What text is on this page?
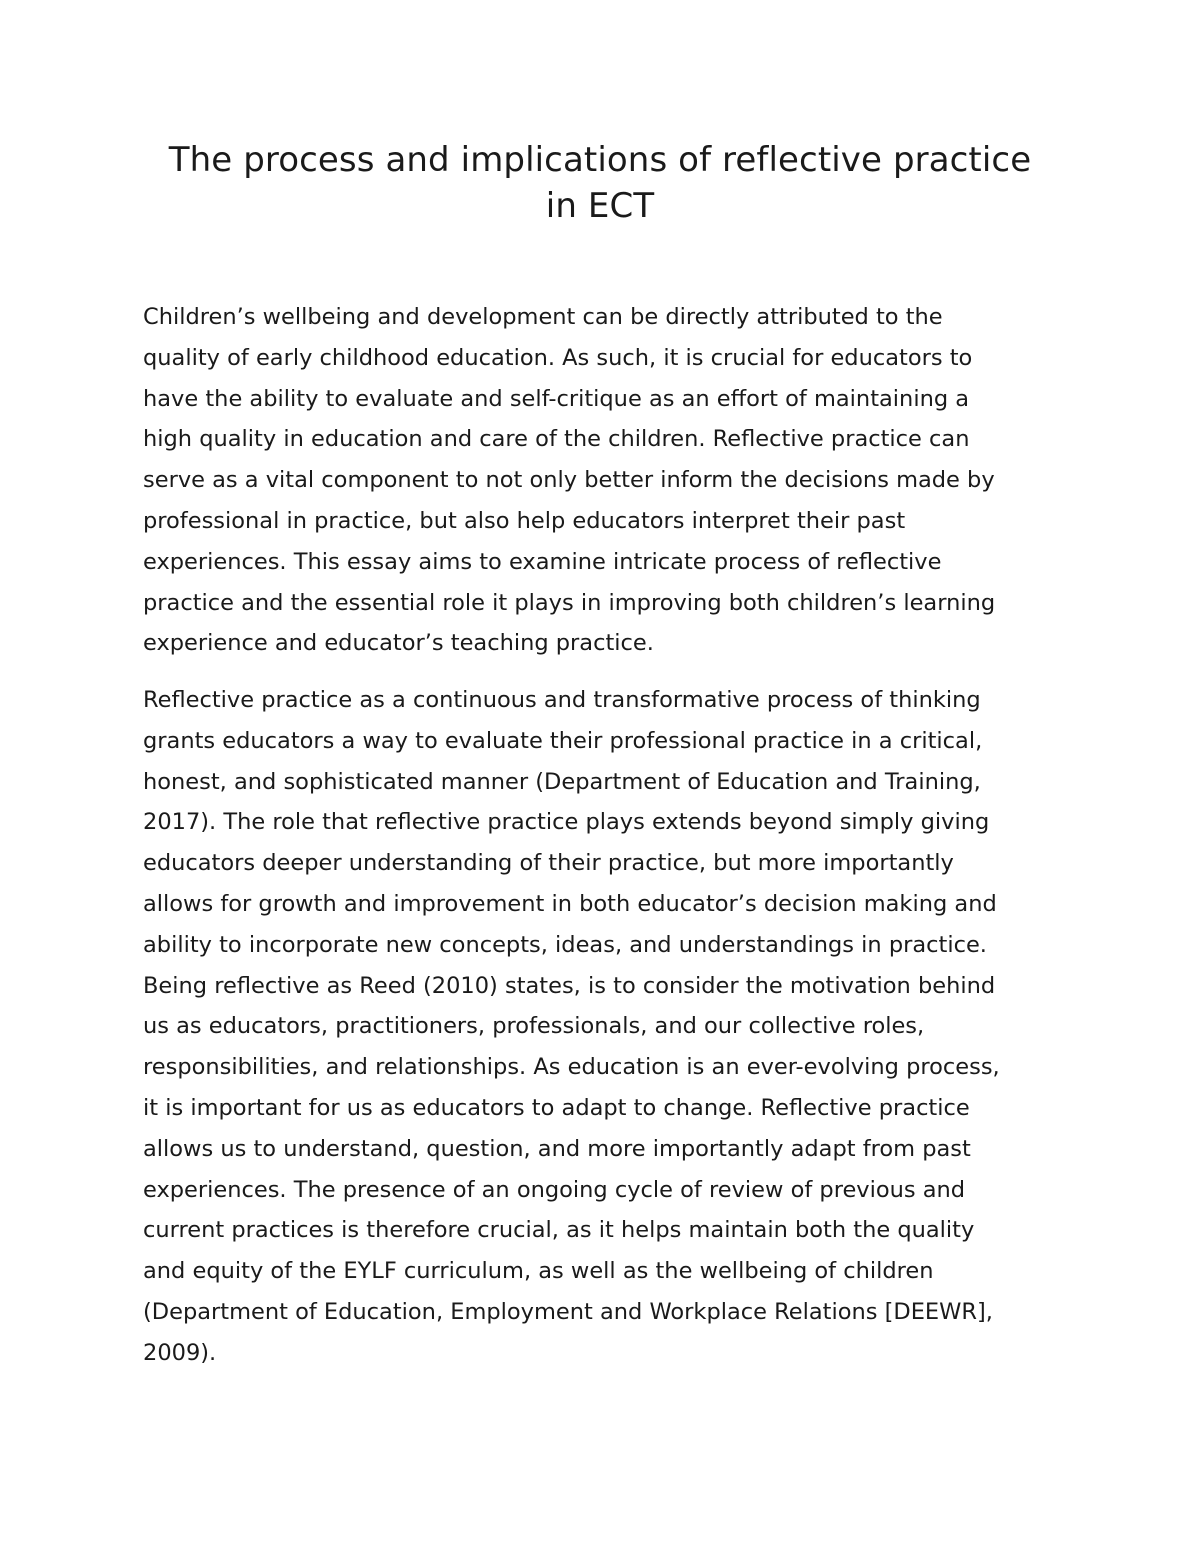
The process and implications of reflective practice
in ECT
Children’s wellbeing and development can be directly attributed to the
quality of early childhood education. As such, it is crucial for educators to
have the ability to evaluate and self-critique as an effort of maintaining a
high quality in education and care of the children. Reflective practice can
serve as a vital component to not only better inform the decisions made by
professional in practice, but also help educators interpret their past
experiences. This essay aims to examine intricate process of reflective
practice and the essential role it plays in improving both children’s learning
experience and educator’s teaching practice.
Reflective practice as a continuous and transformative process of thinking
grants educators a way to evaluate their professional practice in a critical,
honest, and sophisticated manner (Department of Education and Training,
2017). The role that reflective practice plays extends beyond simply giving
educators deeper understanding of their practice, but more importantly
allows for growth and improvement in both educator’s decision making and
ability to incorporate new concepts, ideas, and understandings in practice.
Being reflective as Reed (2010) states, is to consider the motivation behind
us as educators, practitioners, professionals, and our collective roles,
responsibilities, and relationships. As education is an ever-evolving process,
it is important for us as educators to adapt to change. Reflective practice
allows us to understand, question, and more importantly adapt from past
experiences. The presence of an ongoing cycle of review of previous and
current practices is therefore crucial, as it helps maintain both the quality
and equity of the EYLF curriculum, as well as the wellbeing of children
(Department of Education, Employment and Workplace Relations [DEEWR],
2009).
